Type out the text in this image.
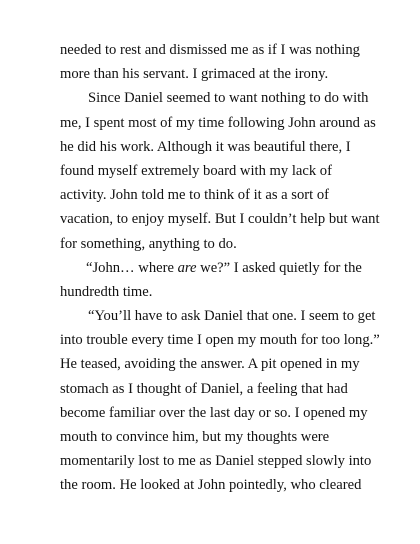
needed to rest and dismissed me as if I was nothing
more than his servant. I grimaced at the irony.
Since Daniel seemed to want nothing to do with
me, I spent most of my time following John around as
he did his work. Although it was beautiful there, I
found myself extremely board with my lack of
activity. John told me to think of it as a sort of
vacation, to enjoy myself. But I couldn’t help but want
for something, anything to do.
“John… where are we?” I asked quietly for the
hundredth time.
“You’ll have to ask Daniel that one. I seem to get
into trouble every time I open my mouth for too long.”
He teased, avoiding the answer. A pit opened in my
stomach as I thought of Daniel, a feeling that had
become familiar over the last day or so. I opened my
mouth to convince him, but my thoughts were
momentarily lost to me as Daniel stepped slowly into
the room. He looked at John pointedly, who cleared
